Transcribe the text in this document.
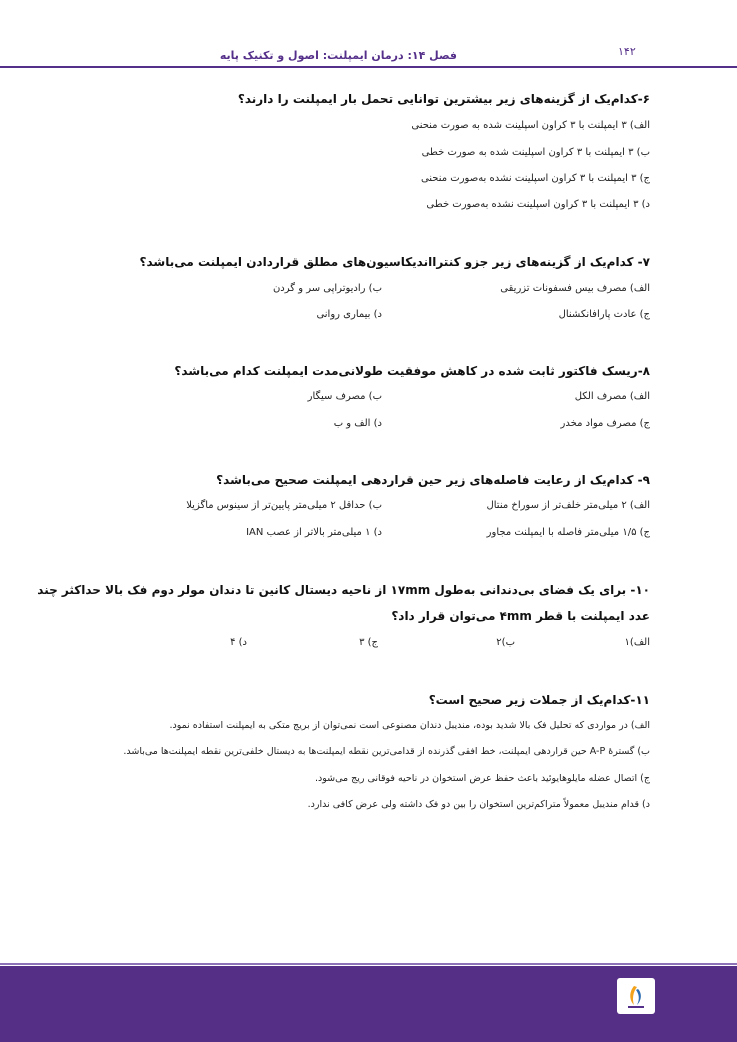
فصل ۱۴: درمان ایمپلنت: اصول و تکنیک پایه	۱۴۲
۶-کدام‌یک از گزینه‌های زیر بیشترین توانایی تحمل بار ایمپلنت را دارند؟
الف) ۳ ایمپلنت با ۳ کراون اسپلینت شده به صورت منحنی
ب) ۳ ایمپلنت با ۳ کراون اسپلینت شده به صورت خطی
ج) ۳ ایمپلنت با ۳ کراون اسپلینت نشده به‌صورت منحنی
د) ۳ ایمپلنت با ۳ کراون اسپلینت نشده به‌صورت خطی
۷- کدام‌یک از گزینه‌های زیر جزو کنترااندیکاسیون‌های مطلق قراردادن ایمپلنت می‌باشد؟
الف) مصرف بیس فسفونات تزریقی
ب) رادیوتراپی سر و گردن
ج) عادت پارافانکشنال
د) بیماری روانی
۸-ریسک فاکتور ثابت شده در کاهش موفقیت طولانی‌مدت ایمپلنت کدام می‌باشد؟
الف) مصرف الکل
ب) مصرف سیگار
ج) مصرف مواد مخدر
د) الف و ب
۹- کدام‌یک از رعایت فاصله‌های زیر حین قراردهی ایمپلنت صحیح می‌باشد؟
الف) ۲ میلی‌متر خلف‌تر از سوراخ منتال
ب) حداقل ۲ میلی‌متر پایین‌تر از سینوس ماگزیلا
ج) ۱/۵ میلی‌متر فاصله با ایمپلنت مجاور
د) ۱ میلی‌متر بالاتر از عصب IAN
۱۰- برای یک فضای بی‌دندانی به‌طول ۱۷mm از ناحیه دیستال کانین تا دندان مولر دوم فک بالا حداکثر چند
عدد ایمپلنت با قطر ۴mm می‌توان قرار داد؟
الف)۱
ب)۲
ج) ۳
د) ۴
۱۱-کدام‌یک از جملات زیر صحیح است؟
الف) در مواردی که تحلیل فک بالا شدید بوده، مندیبل دندان مصنوعی است نمی‌توان از بریج متکی به ایمپلنت استفاده نمود.
ب) گسترهٔ A-P حین قراردهی ایمپلنت، خط افقی گذرنده از قدامی‌ترین نقطه ایمپلنت‌ها به دیستال خلفی‌ترین نقطه ایمپلنت‌ها می‌باشد.
ج) اتصال عضله مایلوهایوئید باعث حفظ عرض استخوان در ناحیه فوقانی ریج می‌شود.
د) قدام مندیبل معمولاً متراکم‌ترین استخوان را بین دو فک داشته ولی عرض کافی ندارد.
